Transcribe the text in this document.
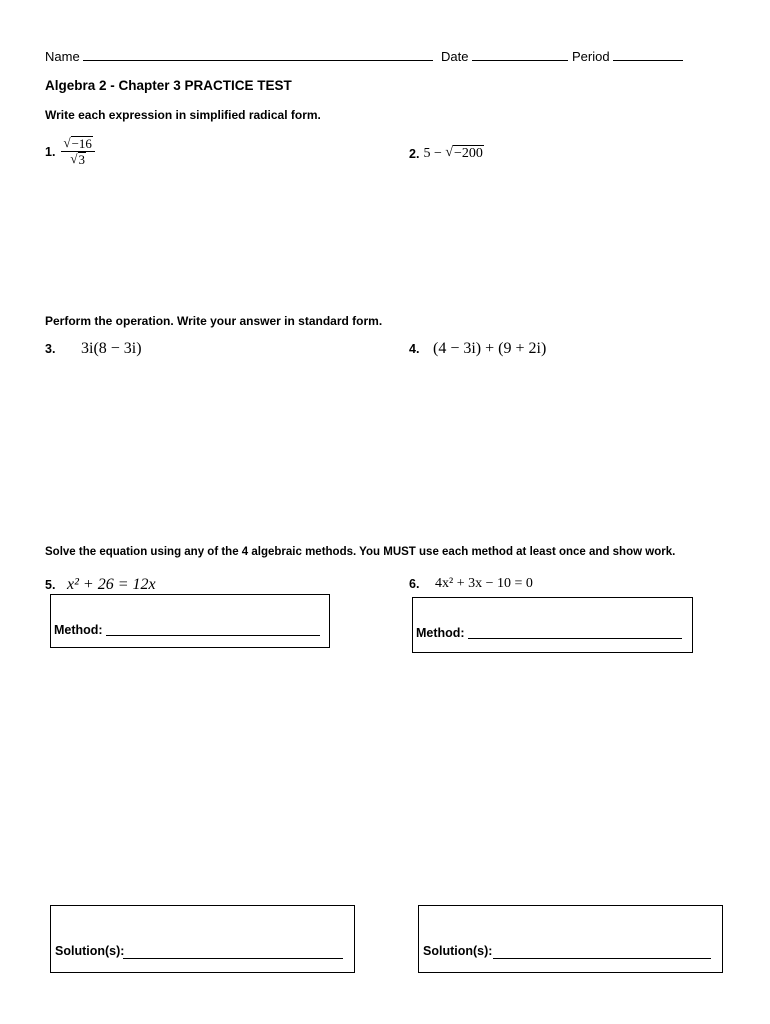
Name	Date	Period
Algebra 2 - Chapter 3 PRACTICE TEST
Write each expression in simplified radical form.
1. $\frac{√ -16}{√ 3}$	2. 5 − √ −200
Perform the operation. Write your answer in standard form.
3.	3i(8 − 3i)	4. (4 − 3i) + (9 + 2i)
Solve the equation using any of the 4 algebraic methods. You MUST use each method at least once and show work.
5. x² + 26 = 12x	6.	4x² + 3x − 10 = 0
Method:	Method:
Solution(s):	Solution(s):
